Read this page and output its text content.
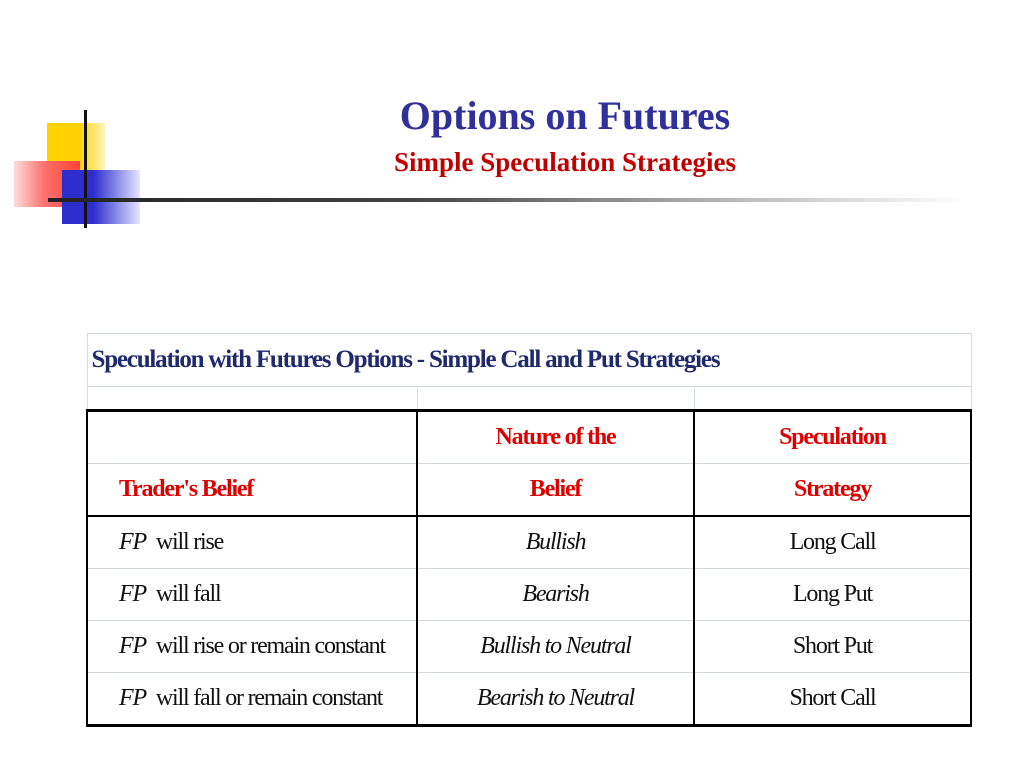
Options on Futures
Simple Speculation Strategies
Speculation with Futures Options - Simple Call and Put Strategies		

	Nature of the	Speculation
Trader's Belief	Belief	Strategy
FP will rise	Bullish	Long Call
FP will fall	Bearish	Long Put
FP will rise or remain constant	Bullish to Neutral	Short Put
FP will fall or remain constant	Bearish to Neutral	Short Call
